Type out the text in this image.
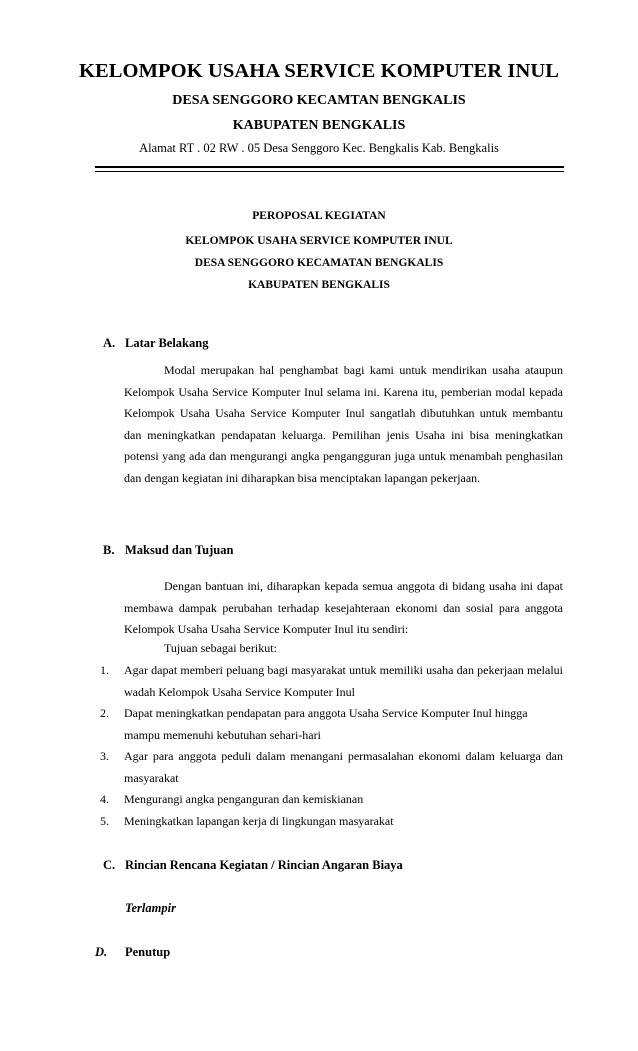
KELOMPOK USAHA SERVICE KOMPUTER INUL
DESA SENGGORO KECAMTAN BENGKALIS
KABUPATEN BENGKALIS
Alamat RT . 02 RW . 05 Desa Senggoro Kec. Bengkalis Kab. Bengkalis
PEROPOSAL KEGIATAN
KELOMPOK USAHA SERVICE KOMPUTER INUL
DESA SENGGORO KECAMATAN BENGKALIS
KABUPATEN BENGKALIS
A. Latar Belakang
Modal merupakan hal penghambat bagi kami untuk mendirikan usaha ataupun Kelompok Usaha Service Komputer Inul selama ini. Karena itu, pemberian modal kepada Kelompok Usaha Usaha Service Komputer Inul sangatlah dibutuhkan untuk membantu dan meningkatkan pendapatan keluarga. Pemilihan jenis Usaha ini bisa meningkatkan potensi yang ada dan mengurangi angka pengangguran juga untuk menambah penghasilan dan dengan kegiatan ini diharapkan bisa menciptakan lapangan pekerjaan.
B. Maksud dan Tujuan
Dengan bantuan ini, diharapkan kepada semua anggota di bidang usaha ini dapat membawa dampak perubahan terhadap kesejahteraan ekonomi dan sosial para anggota Kelompok Usaha Usaha Service Komputer Inul itu sendiri:
Tujuan sebagai berikut:
1.	Agar dapat memberi peluang bagi masyarakat untuk memiliki usaha dan pekerjaan melalui wadah Kelompok Usaha Service Komputer Inul
2.	Dapat meningkatkan pendapatan para anggota Usaha Service Komputer Inul hingga mampu memenuhi kebutuhan sehari-hari
3.	Agar para anggota peduli dalam menangani permasalahan ekonomi dalam keluarga dan masyarakat
4.	Mengurangi angka penganguran dan kemiskianan
5.	Meningkatkan lapangan kerja di lingkungan masyarakat
C. Rincian Rencana Kegiatan / Rincian Angaran Biaya
Terlampir
D. Penutup
